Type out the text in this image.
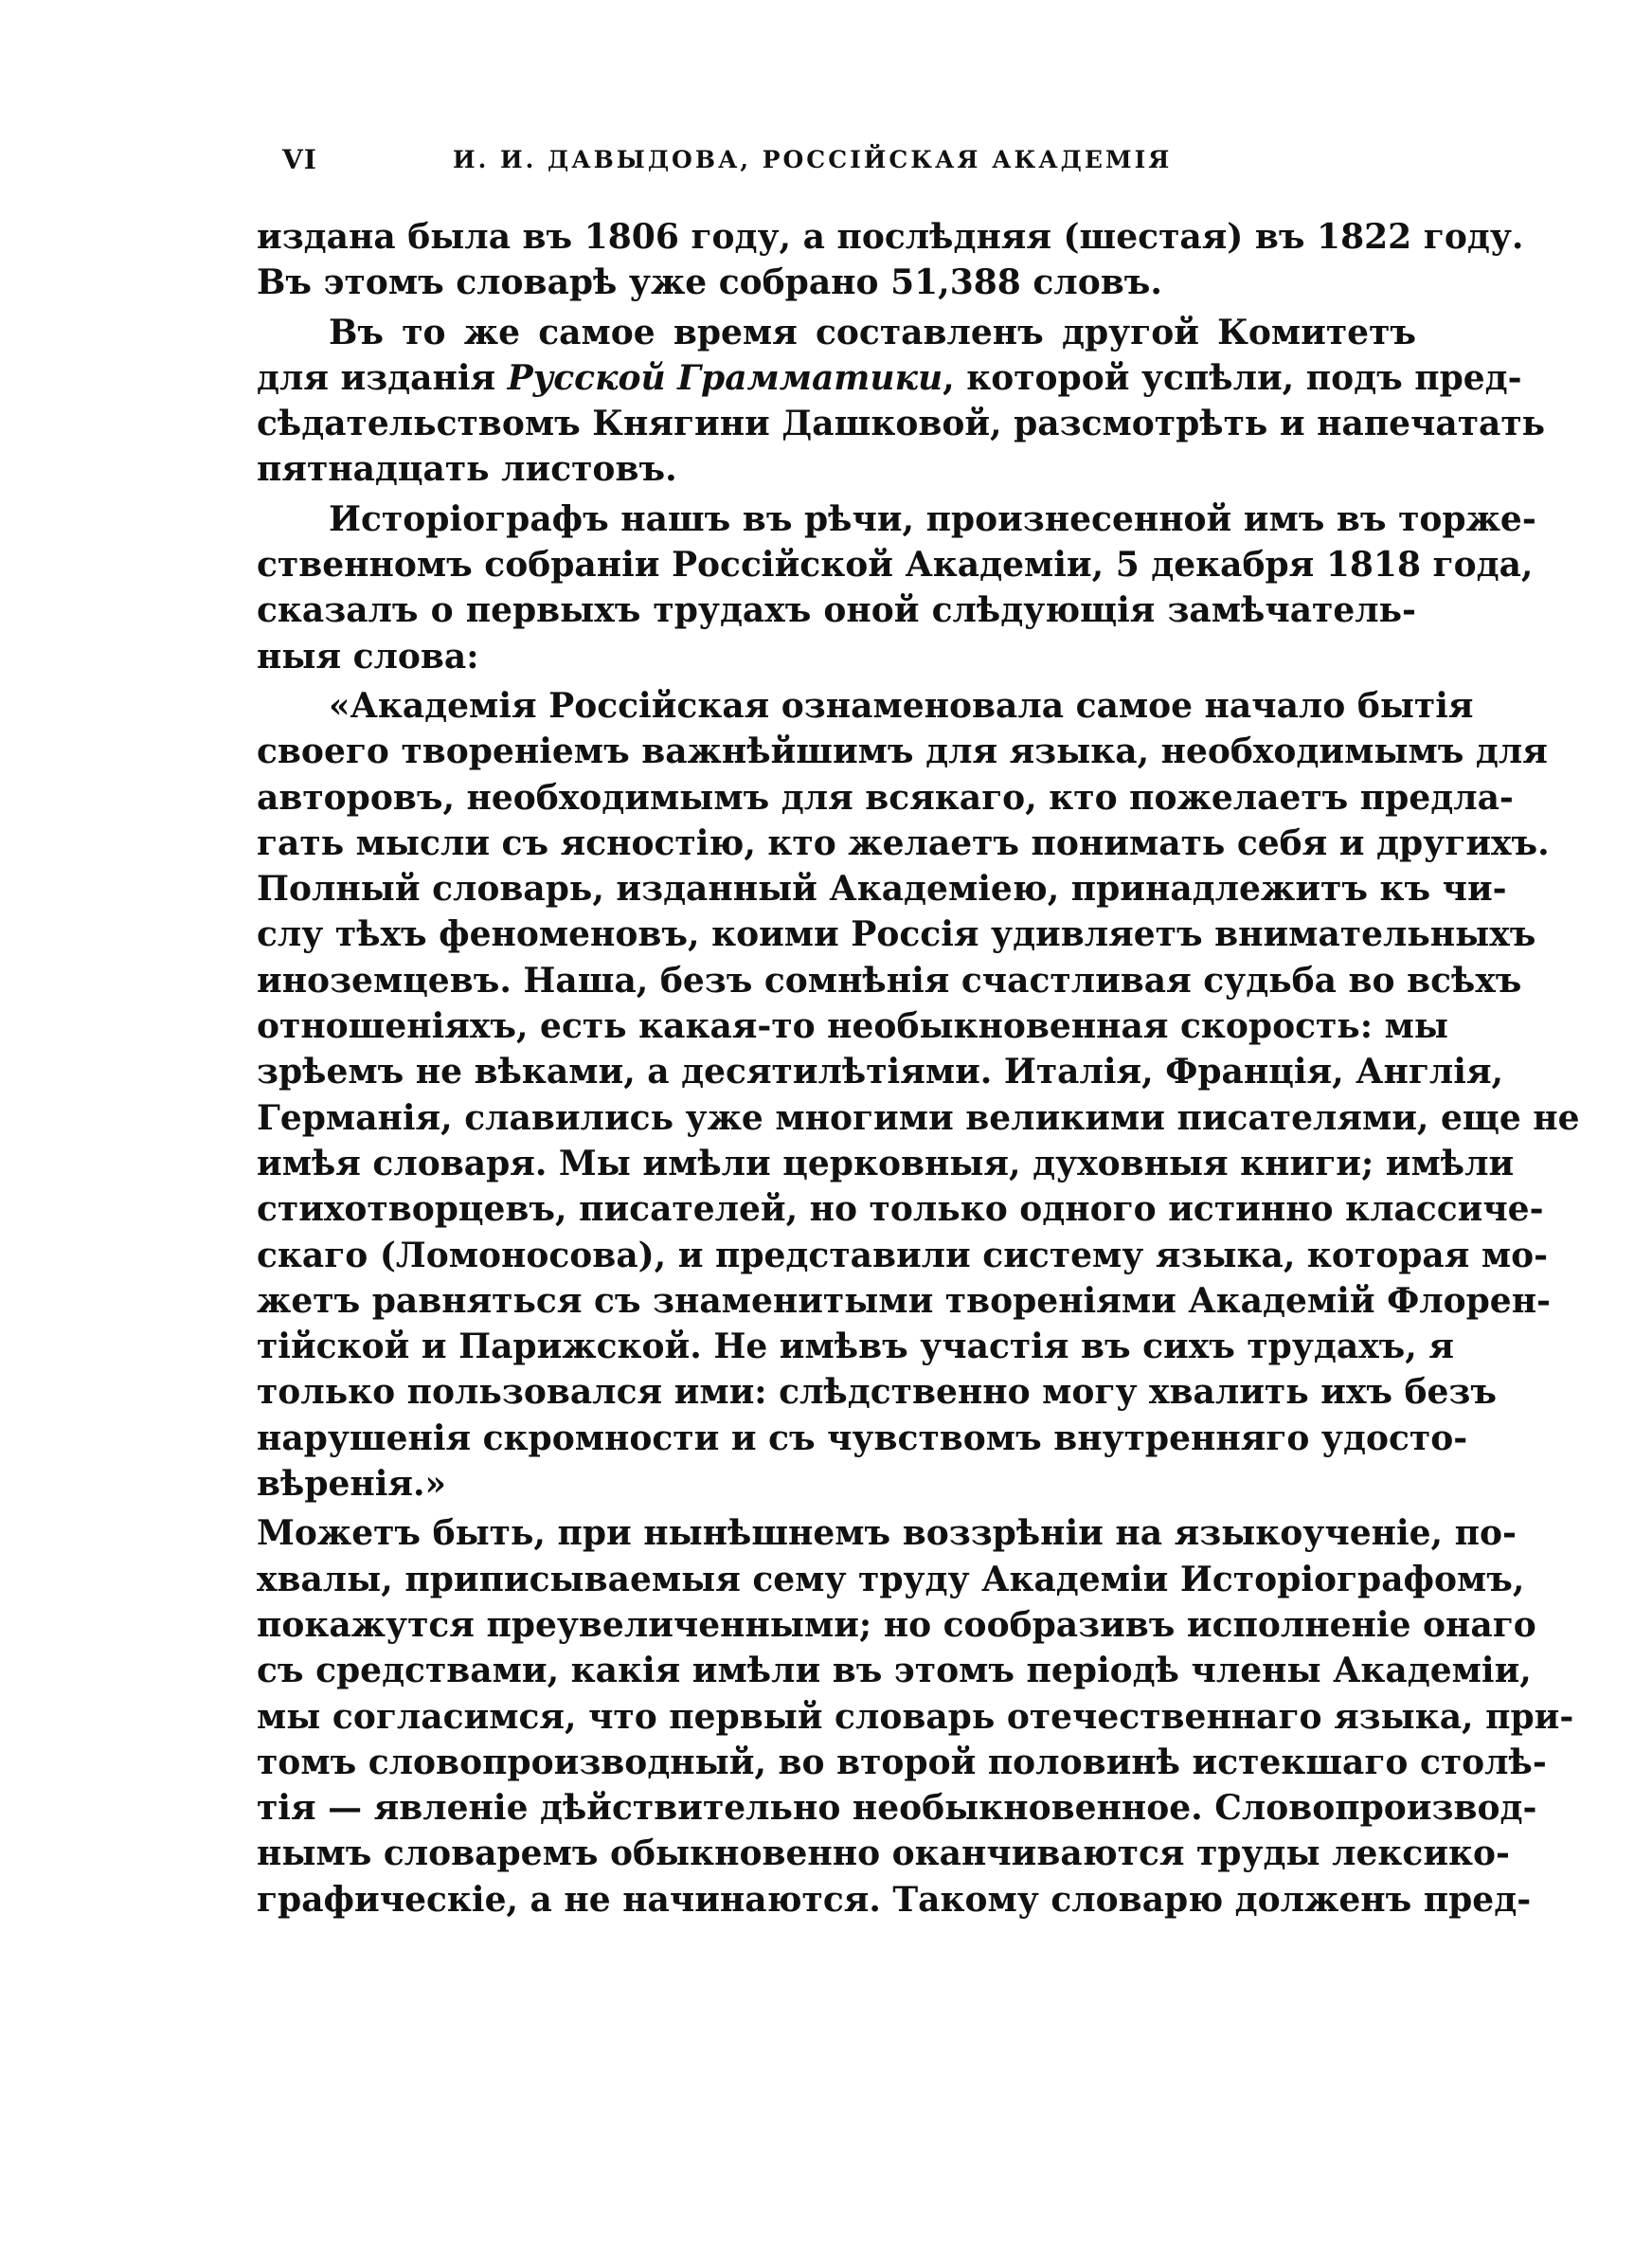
VI	И. И. ДАВЫДОВА, РОССІЙСКАЯ АКАДЕМІЯ
издана была въ 1806 году, а послѣдняя (шестая) въ 1822 году.
Въ этомъ словарѣ уже собрано 51,388 словъ.
Въ то же самое время составленъ другой Комитетъ
для изданія Русской Грамматики, которой успѣли, подъ пред-
сѣдательствомъ Княгини Дашковой, разсмотрѣть и напечатать
пятнадцать листовъ.
Исторіографъ нашъ въ рѣчи, произнесенной имъ въ торже-
ственномъ собраніи Россійской Академіи, 5 декабря 1818 года,
сказалъ о первыхъ трудахъ оной слѣдующія замѣчатель-
ныя слова:
«Академія Россійская ознаменовала самое начало бытія
своего твореніемъ важнѣйшимъ для языка, необходимымъ для
авторовъ, необходимымъ для всякаго, кто пожелаетъ предла-
гать мысли съ ясностію, кто желаетъ понимать себя и другихъ.
Полный словарь, изданный Академіею, принадлежитъ къ чи-
слу тѣхъ феноменовъ, коими Россія удивляетъ внимательныхъ
иноземцевъ. Наша, безъ сомнѣнія счастливая судьба во всѣхъ
отношеніяхъ, есть какая-то необыкновенная скорость: мы
зрѣемъ не вѣками, а десятилѣтіями. Италія, Франція, Англія,
Германія, славились уже многими великими писателями, еще не
имѣя словаря. Мы имѣли церковныя, духовныя книги; имѣли
стихотворцевъ, писателей, но только одного истинно классиче-
скаго (Ломоносова), и представили систему языка, которая мо-
жетъ равняться съ знаменитыми твореніями Академій Флорен-
тійской и Парижской. Не имѣвъ участія въ сихъ трудахъ, я
только пользовался ими: слѣдственно могу хвалить ихъ безъ
нарушенія скромности и съ чувствомъ внутренняго удосто-
вѣренія.»
Можетъ быть, при нынѣшнемъ воззрѣніи на языкоученіе, по-
хвалы, приписываемыя сему труду Академіи Исторіографомъ,
покажутся преувеличенными; но сообразивъ исполненіе онаго
съ средствами, какія имѣли въ этомъ періодѣ члены Академіи,
мы согласимся, что первый словарь отечественнаго языка, при-
томъ словопроизводный, во второй половинѣ истекшаго столѣ-
тія — явленіе дѣйствительно необыкновенное. Словопроизвод-
нымъ словаремъ обыкновенно оканчиваются труды лексико-
графическіе, а не начинаются. Такому словарю долженъ пред-
